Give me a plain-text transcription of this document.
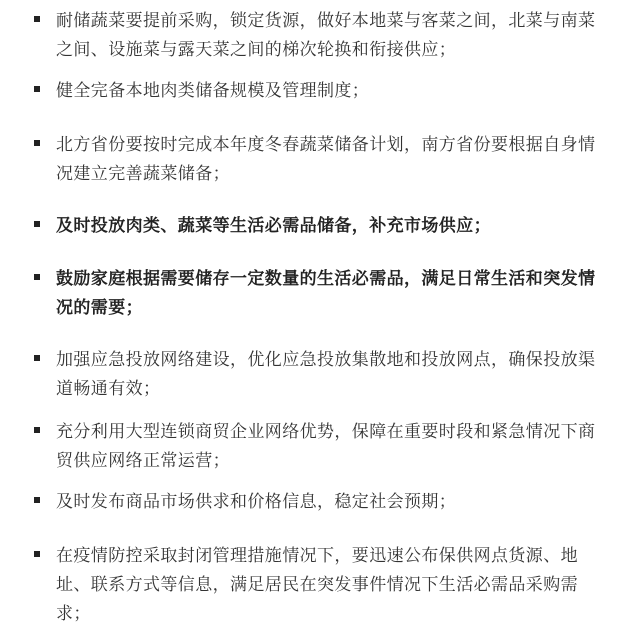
耐储蔬菜要提前采购，锁定货源，做好本地菜与客菜之间，北菜与南菜之间、设施菜与露天菜之间的梯次轮换和衔接供应；
健全完备本地肉类储备规模及管理制度；
北方省份要按时完成本年度冬春蔬菜储备计划，南方省份要根据自身情况建立完善蔬菜储备；
及时投放肉类、蔬菜等生活必需品储备，补充市场供应；
鼓励家庭根据需要储存一定数量的生活必需品，满足日常生活和突发情况的需要；
加强应急投放网络建设，优化应急投放集散地和投放网点，确保投放渠道畅通有效；
充分利用大型连锁商贸企业网络优势，保障在重要时段和紧急情况下商贸供应网络正常运营；
及时发布商品市场供求和价格信息，稳定社会预期；
在疫情防控采取封闭管理措施情况下，要迅速公布保供网点货源、地址、联系方式等信息，满足居民在突发事件情况下生活必需品采购需求；
